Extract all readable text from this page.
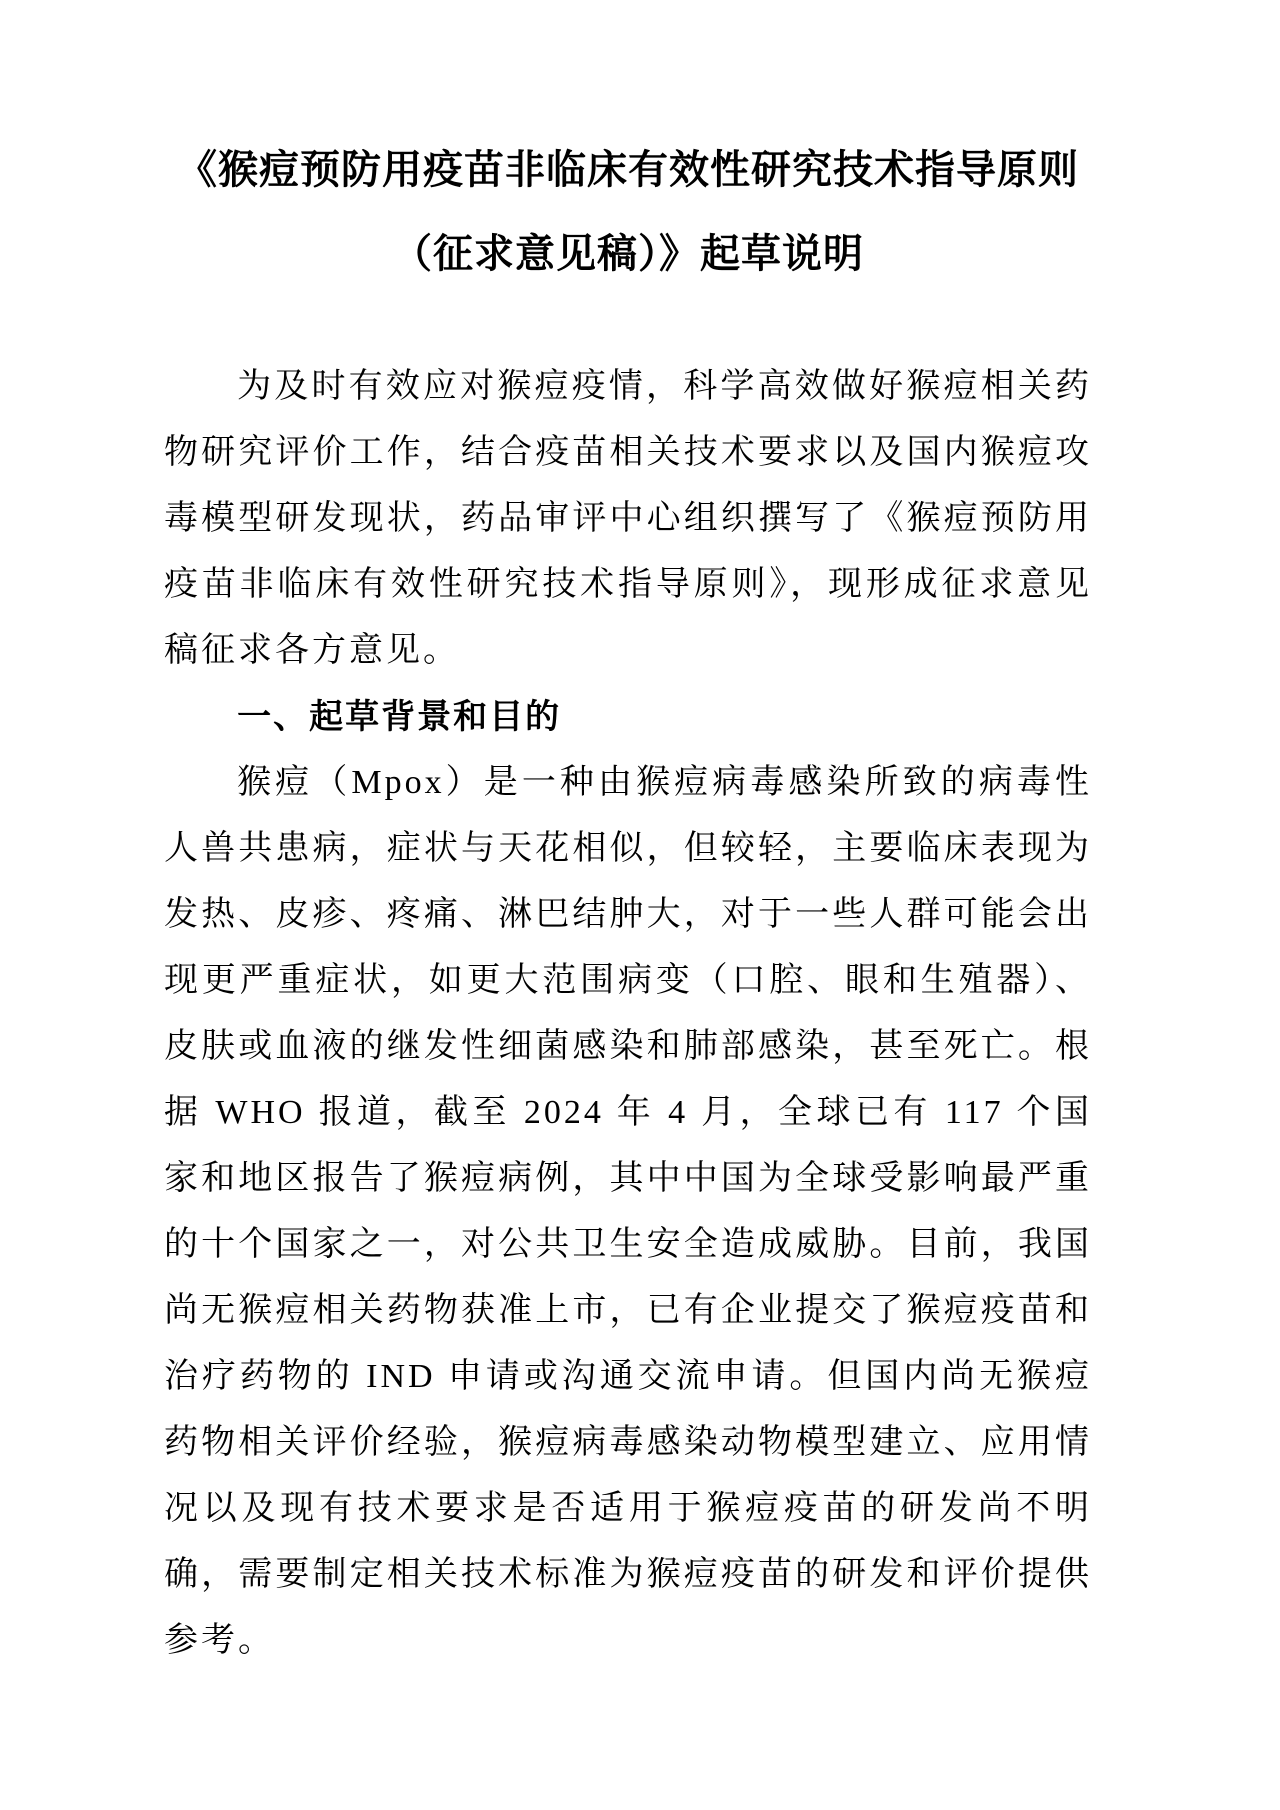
《猴痘预防用疫苗非临床有效性研究技术指导原则
（征求意见稿）》起草说明

为及时有效应对猴痘疫情，科学高效做好猴痘相关药物研究评价工作，结合疫苗相关技术要求以及国内猴痘攻毒模型研发现状，药品审评中心组织撰写了《猴痘预防用疫苗非临床有效性研究技术指导原则》，现形成征求意见稿征求各方意见。

一、起草背景和目的

猴痘（Mpox）是一种由猴痘病毒感染所致的病毒性人兽共患病，症状与天花相似，但较轻，主要临床表现为发热、皮疹、疼痛、淋巴结肿大，对于一些人群可能会出现更严重症状，如更大范围病变（口腔、眼和生殖器）、皮肤或血液的继发性细菌感染和肺部感染，甚至死亡。根据 WHO 报道，截至 2024 年 4 月，全球已有 117 个国家和地区报告了猴痘病例，其中中国为全球受影响最严重的十个国家之一，对公共卫生安全造成威胁。目前，我国尚无猴痘相关药物获准上市，已有企业提交了猴痘疫苗和治疗药物的 IND 申请或沟通交流申请。但国内尚无猴痘药物相关评价经验，猴痘病毒感染动物模型建立、应用情况以及现有技术要求是否适用于猴痘疫苗的研发尚不明确，需要制定相关技术标准为猴痘疫苗的研发和评价提供参考。
